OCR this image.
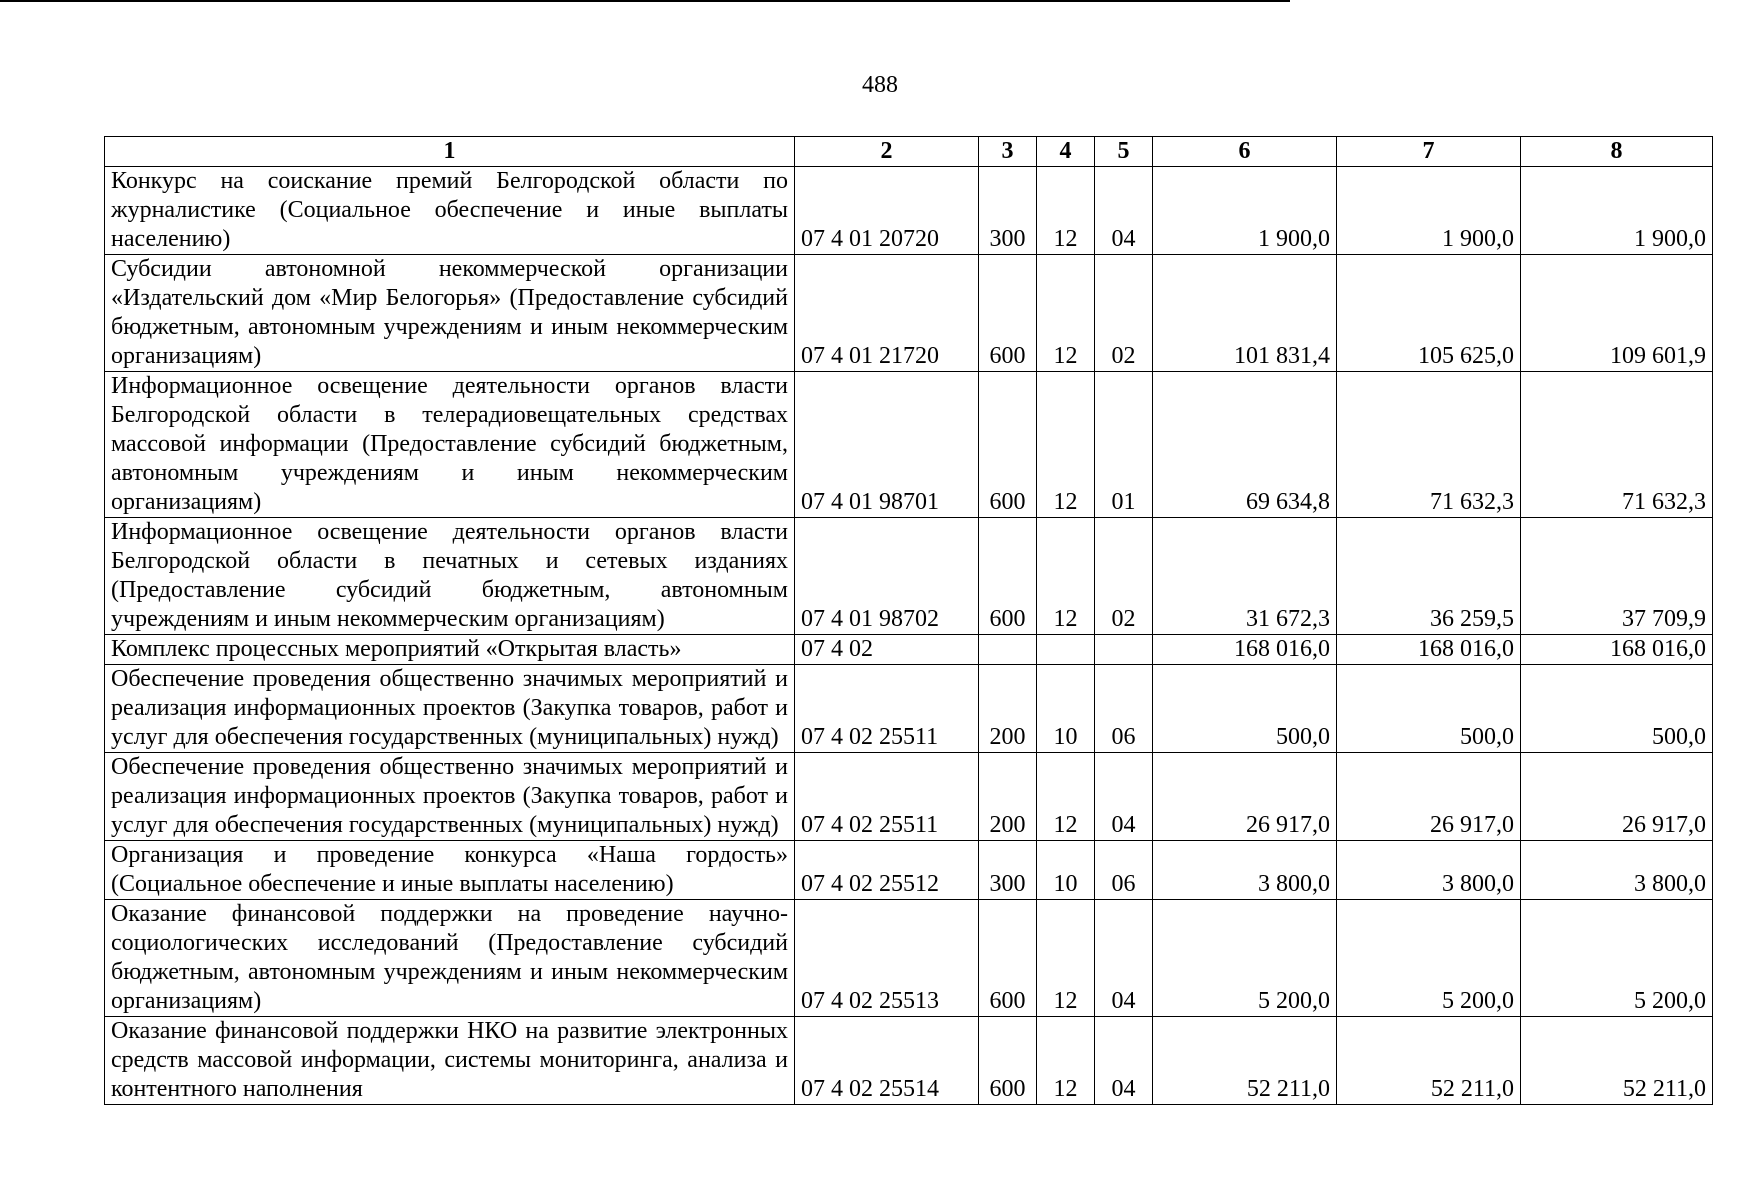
488
1	2	3	4	5	6	7	8
Конкурс на соискание премий Белгородской области по журналистике (Социальное обеспечение и иные выплаты населению)	07 4 01 20720	300	12	04	1 900,0	1 900,0	1 900,0
Субсидии автономной некоммерческой организации «Издательский дом «Мир Белогорья» (Предоставление субсидий бюджетным, автономным учреждениям и иным некоммерческим организациям)	07 4 01 21720	600	12	02	101 831,4	105 625,0	109 601,9
Информационное освещение деятельности органов власти Белгородской области в телерадиовещательных средствах массовой информации (Предоставление субсидий бюджетным, автономным учреждениям и иным некоммерческим организациям)	07 4 01 98701	600	12	01	69 634,8	71 632,3	71 632,3
Информационное освещение деятельности органов власти Белгородской области в печатных и сетевых изданиях (Предоставление субсидий бюджетным, автономным учреждениям и иным некоммерческим организациям)	07 4 01 98702	600	12	02	31 672,3	36 259,5	37 709,9
Комплекс процессных мероприятий «Открытая власть»	07 4 02				168 016,0	168 016,0	168 016,0
Обеспечение проведения общественно значимых мероприятий и реализация информационных проектов (Закупка товаров, работ и услуг для обеспечения государственных (муниципальных) нужд)	07 4 02 25511	200	10	06	500,0	500,0	500,0
Обеспечение проведения общественно значимых мероприятий и реализация информационных проектов (Закупка товаров, работ и услуг для обеспечения государственных (муниципальных) нужд)	07 4 02 25511	200	12	04	26 917,0	26 917,0	26 917,0
Организация и проведение конкурса «Наша гордость» (Социальное обеспечение и иные выплаты населению)	07 4 02 25512	300	10	06	3 800,0	3 800,0	3 800,0
Оказание финансовой поддержки на проведение научно-социологических исследований (Предоставление субсидий бюджетным, автономным учреждениям и иным некоммерческим организациям)	07 4 02 25513	600	12	04	5 200,0	5 200,0	5 200,0
Оказание финансовой поддержки НКО на развитие электронных средств массовой информации, системы мониторинга, анализа и контентного наполнения	07 4 02 25514	600	12	04	52 211,0	52 211,0	52 211,0
